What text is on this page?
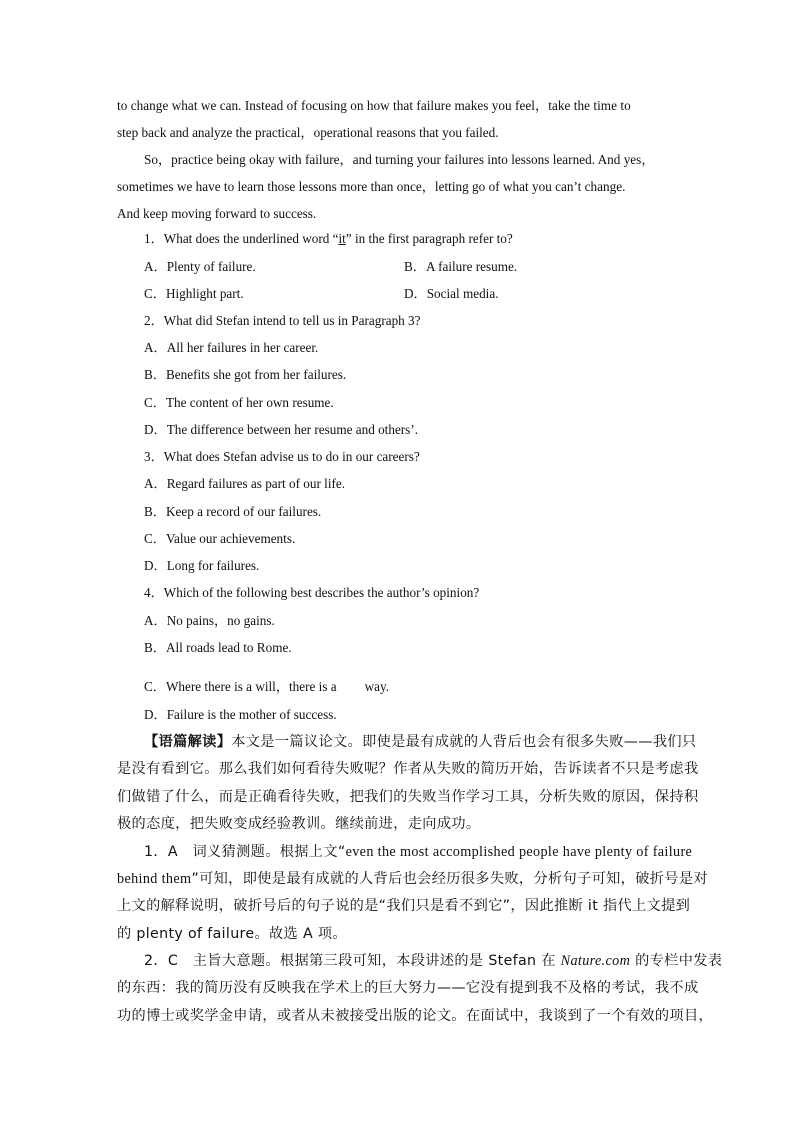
to change what we can. Instead of focusing on how that failure makes you feel，take the time to
step back and analyze the practical，operational reasons that you failed.
So，practice being okay with failure，and turning your failures into lessons learned. And yes，
sometimes we have to learn those lessons more than once，letting go of what you can’t change.
And keep moving forward to success.
1．What does the underlined word “it” in the first paragraph refer to?
A．Plenty of failure.	B．A failure resume.
C．Highlight part.	D．Social media.
2．What did Stefan intend to tell us in Paragraph 3?
A．All her failures in her career.
B．Benefits she got from her failures.
C．The content of her own resume.
D．The difference between her resume and others’.
3．What does Stefan advise us to do in our careers?
A．Regard failures as part of our life.
B．Keep a record of our failures.
C．Value our achievements.
D．Long for failures.
4．Which of the following best describes the author’s opinion?
A．No pains，no gains.
B．All roads lead to Rome.
C．Where there is a will，there is a way.
D．Failure is the mother of success.
【语篇解读】本文是一篇议论文。即使是最有成就的人背后也会有很多失败——我们只
是没有看到它。那么我们如何看待失败呢？作者从失败的简历开始，告诉读者不只是考虑我
们做错了什么，而是正确看待失败，把我们的失败当作学习工具，分析失败的原因，保持积
极的态度，把失败变成经验教训。继续前进，走向成功。
1．A　词义猜测题。根据上文“even the most accomplished people have plenty of failure
behind them”可知，即使是最有成就的人背后也会经历很多失败，分析句子可知，破折号是对
上文的解释说明，破折号后的句子说的是“我们只是看不到它”，因此推断 it 指代上文提到
的 plenty of failure。故选 A 项。
2．C　主旨大意题。根据第三段可知，本段讲述的是 Stefan 在 Nature.com 的专栏中发表
的东西：我的简历没有反映我在学术上的巨大努力——它没有提到我不及格的考试，我不成
功的博士或奖学金申请，或者从未被接受出版的论文。在面试中，我谈到了一个有效的项目，
